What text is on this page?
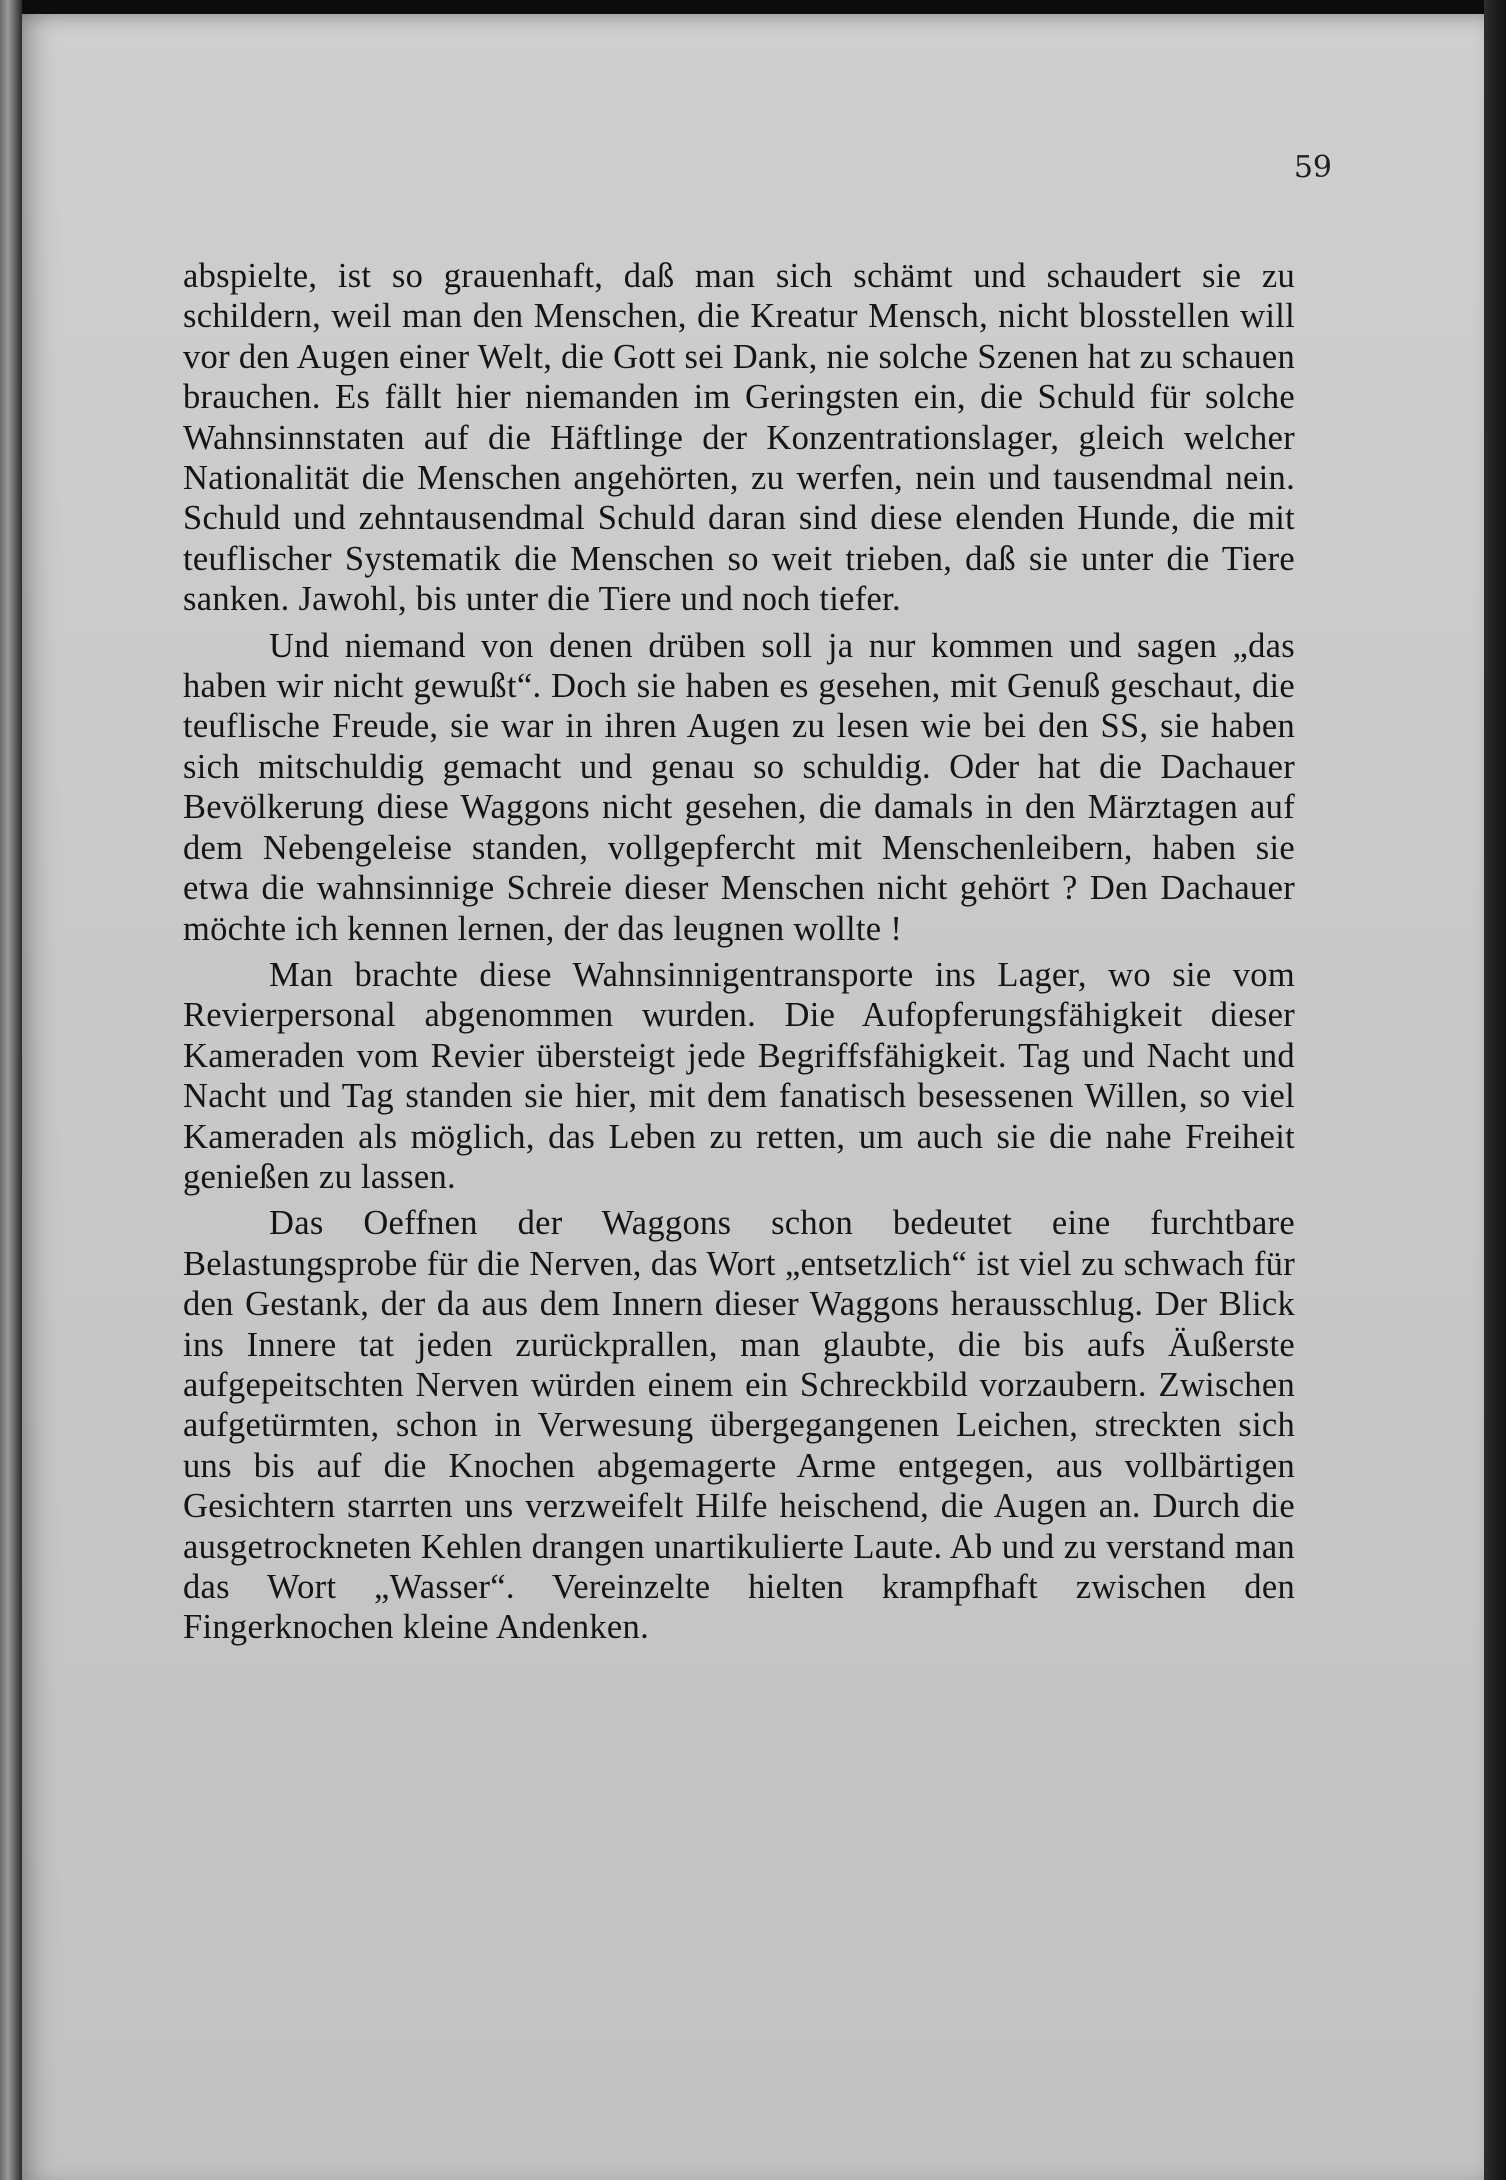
59

abspielte, ist so grauenhaft, daß man sich schämt und schaudert sie zu schildern, weil man den Menschen, die Kreatur Mensch, nicht blosstellen will vor den Augen einer Welt, die Gott sei Dank, nie solche Szenen hat zu schauen brauchen. Es fällt hier niemanden im Geringsten ein, die Schuld für solche Wahnsinnstaten auf die Häftlinge der Konzentrationslager, gleich welcher Nationalität die Menschen angehörten, zu werfen, nein und tausendmal nein. Schuld und zehntausendmal Schuld daran sind diese elenden Hunde, die mit teuflischer Systematik die Menschen so weit trieben, daß sie unter die Tiere sanken. Jawohl, bis unter die Tiere und noch tiefer.

Und niemand von denen drüben soll ja nur kommen und sagen „das haben wir nicht gewußt“. Doch sie haben es gesehen, mit Genuß geschaut, die teuflische Freude, sie war in ihren Augen zu lesen wie bei den SS, sie haben sich mitschuldig gemacht und genau so schuldig. Oder hat die Dachauer Bevölkerung diese Waggons nicht gesehen, die damals in den Märztagen auf dem Nebengeleise standen, vollgepfercht mit Menschenleibern, haben sie etwa die wahnsinnige Schreie dieser Menschen nicht gehört ? Den Dachauer möchte ich kennen lernen, der das leugnen wollte !

Man brachte diese Wahnsinnigentransporte ins Lager, wo sie vom Revierpersonal abgenommen wurden. Die Aufopferungsfähigkeit dieser Kameraden vom Revier übersteigt jede Begriffsfähigkeit. Tag und Nacht und Nacht und Tag standen sie hier, mit dem fanatisch besessenen Willen, so viel Kameraden als möglich, das Leben zu retten, um auch sie die nahe Freiheit genießen zu lassen.

Das Oeffnen der Waggons schon bedeutet eine furchtbare Belastungsprobe für die Nerven, das Wort „entsetzlich“ ist viel zu schwach für den Gestank, der da aus dem Innern dieser Waggons herausschlug. Der Blick ins Innere tat jeden zurückprallen, man glaubte, die bis aufs Äußerste aufgepeitschten Nerven würden einem ein Schreckbild vorzaubern. Zwischen aufgetürmten, schon in Verwesung übergegangenen Leichen, streckten sich uns bis auf die Knochen abgemagerte Arme entgegen, aus vollbärtigen Gesichtern starrten uns verzweifelt Hilfe heischend, die Augen an. Durch die ausgetrockneten Kehlen drangen unartikulierte Laute. Ab und zu verstand man das Wort „Wasser“. Vereinzelte hielten krampfhaft zwischen den Fingerknochen kleine Andenken.
